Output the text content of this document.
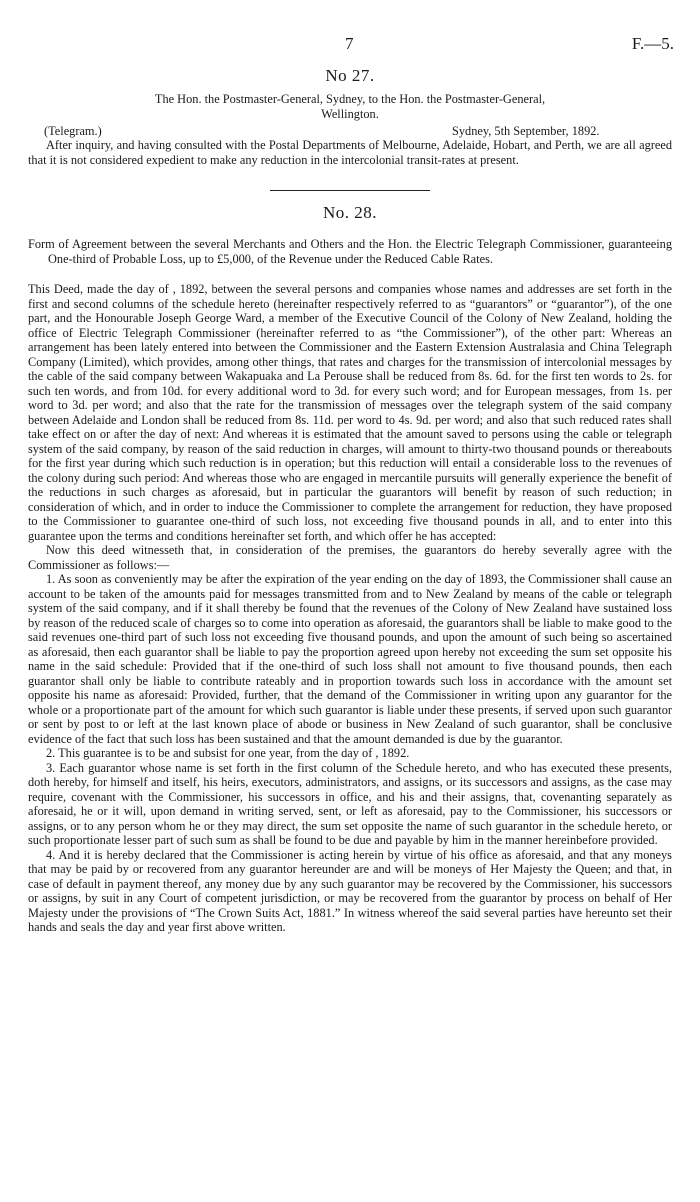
7	F.—5.
No 27.

The Hon. the Postmaster-General, Sydney, to the Hon. the Postmaster-General,

Wellington.

(Telegram.)	Sydney, 5th September, 1892.
After inquiry, and having consulted with the Postal Departments of Melbourne, Adelaide, Hobart, and Perth, we are all agreed that it is not considered expedient to make any reduction in the intercolonial transit-rates at present.
No. 28.
Form of Agreement between the several Merchants and Others and the Hon. the Electric Telegraph Commissioner, guaranteeing One-third of Probable Loss, up to £5,000, of the Revenue under the Reduced Cable Rates.

This Deed, made the day of , 1892, between the several persons and companies whose names and addresses are set forth in the first and second columns of the schedule hereto (hereinafter respectively referred to as “guarantors” or “guarantor”), of the one part, and the Honourable Joseph George Ward, a member of the Executive Council of the Colony of New Zealand, holding the office of Electric Telegraph Commissioner (hereinafter referred to as “the Commissioner”), of the other part: Whereas an arrangement has been lately entered into between the Commissioner and the Eastern Extension Australasia and China Telegraph Company (Limited), which provides, among other things, that rates and charges for the transmission of intercolonial messages by the cable of the said company between Wakapuaka and La Perouse shall be reduced from 8s. 6d. for the first ten words to 2s. for such ten words, and from 10d. for every additional word to 3d. for every such word; and for European messages, from 1s. per word to 3d. per word; and also that the rate for the transmission of messages over the telegraph system of the said company between Adelaide and London shall be reduced from 8s. 11d. per word to 4s. 9d. per word; and also that such reduced rates shall take effect on or after the day of next: And whereas it is estimated that the amount saved to persons using the cable or telegraph system of the said company, by reason of the said reduction in charges, will amount to thirty-two thousand pounds or thereabouts for the first year during which such reduction is in operation; but this reduction will entail a considerable loss to the revenues of the colony during such period: And whereas those who are engaged in mercantile pursuits will generally experience the benefit of the reductions in such charges as aforesaid, but in particular the guarantors will benefit by reason of such reduction; in consideration of which, and in order to induce the Commissioner to complete the arrangement for reduction, they have proposed to the Commissioner to guarantee one-third of such loss, not exceeding five thousand pounds in all, and to enter into this guarantee upon the terms and conditions hereinafter set forth, and which offer he has accepted:

Now this deed witnesseth that, in consideration of the premises, the guarantors do hereby severally agree with the Commissioner as follows:—

1. As soon as conveniently may be after the expiration of the year ending on the day of 1893, the Commissioner shall cause an account to be taken of the amounts paid for messages transmitted from and to New Zealand by means of the cable or telegraph system of the said company, and if it shall thereby be found that the revenues of the Colony of New Zealand have sustained loss by reason of the reduced scale of charges so to come into operation as aforesaid, the guarantors shall be liable to make good to the said revenues one-third part of such loss not exceeding five thousand pounds, and upon the amount of such being so ascertained as aforesaid, then each guarantor shall be liable to pay the proportion agreed upon hereby not exceeding the sum set opposite his name in the said schedule: Provided that if the one-third of such loss shall not amount to five thousand pounds, then each guarantor shall only be liable to contribute rateably and in proportion towards such loss in accordance with the amount set opposite his name as aforesaid: Provided, further, that the demand of the Commissioner in writing upon any guarantor for the whole or a proportionate part of the amount for which such guarantor is liable under these presents, if served upon such guarantor or sent by post to or left at the last known place of abode or business in New Zealand of such guarantor, shall be conclusive evidence of the fact that such loss has been sustained and that the amount demanded is due by the guarantor.

2. This guarantee is to be and subsist for one year, from the day of , 1892.

3. Each guarantor whose name is set forth in the first column of the Schedule hereto, and who has executed these presents, doth hereby, for himself and itself, his heirs, executors, administrators, and assigns, or its successors and assigns, as the case may require, covenant with the Commissioner, his successors in office, and his and their assigns, that, covenanting separately as aforesaid, he or it will, upon demand in writing served, sent, or left as aforesaid, pay to the Commissioner, his successors or assigns, or to any person whom he or they may direct, the sum set opposite the name of such guarantor in the schedule hereto, or such proportionate lesser part of such sum as shall be found to be due and payable by him in the manner hereinbefore provided.

4. And it is hereby declared that the Commissioner is acting herein by virtue of his office as aforesaid, and that any moneys that may be paid by or recovered from any guarantor hereunder are and will be moneys of Her Majesty the Queen; and that, in case of default in payment thereof, any money due by any such guarantor may be recovered by the Commissioner, his successors or assigns, by suit in any Court of competent jurisdiction, or may be recovered from the guarantor by process on behalf of Her Majesty under the provisions of “The Crown Suits Act, 1881.” In witness whereof the said several parties have hereunto set their hands and seals the day and year first above written.
